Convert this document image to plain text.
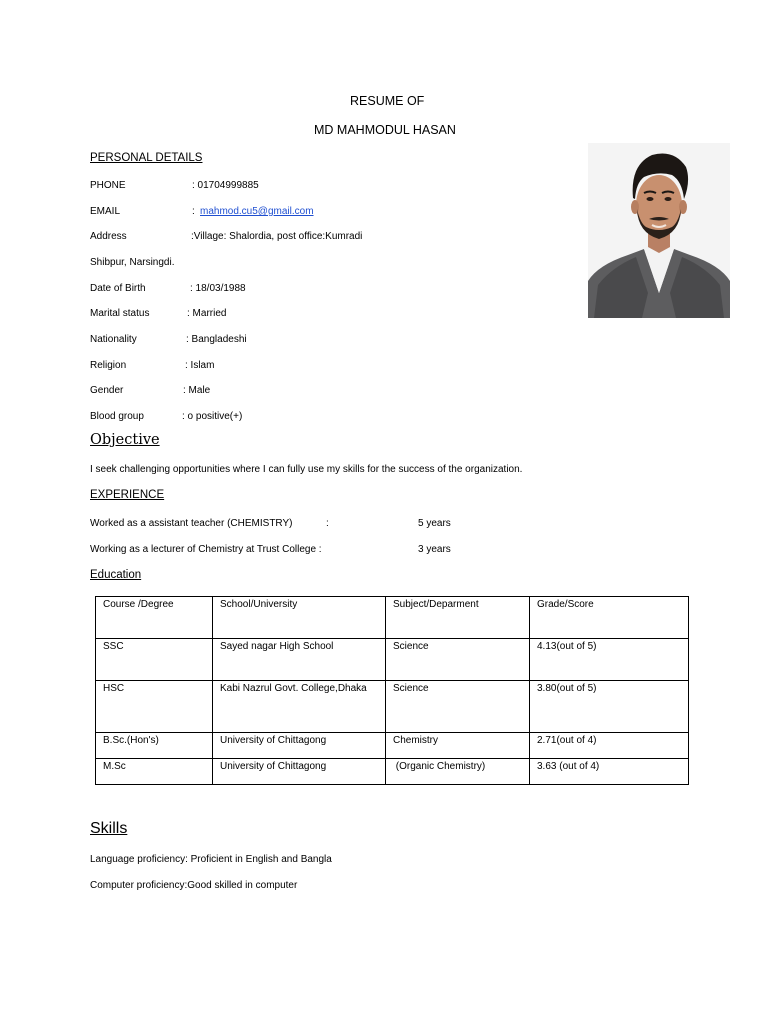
RESUME OF
MD MAHMODUL HASAN
PERSONAL DETAILS
PHONE	: 01704999885
EMAIL	: mahmod.cu5@gmail.com
Address	:Village: Shalordia, post office:Kumradi
Shibpur, Narsingdi.
Date of Birth	: 18/03/1988
Marital status	: Married
Nationality	: Bangladeshi
Religion	: Islam
Gender	: Male
Blood group	: o positive(+)
Objective
I seek challenging opportunities where I can fully use my skills for the success of the organization.
EXPERIENCE
Worked as a assistant teacher (CHEMISTRY)	:	5 years
Working as a lecturer of Chemistry at Trust College :	3 years
Education
Course /Degree	School/University	Subject/Deparment	Grade/Score
SSC	Sayed nagar High School	Science	4.13(out of 5)
HSC	Kabi Nazrul Govt. College,Dhaka	Science	3.80(out of 5)
B.Sc.(Hon's)	University of Chittagong	Chemistry	2.71(out of 4)
M.Sc	University of Chittagong	(Organic Chemistry)	3.63 (out of 4)
Skills
Language proficiency: Proficient in English and Bangla
Computer proficiency:Good skilled in computer
